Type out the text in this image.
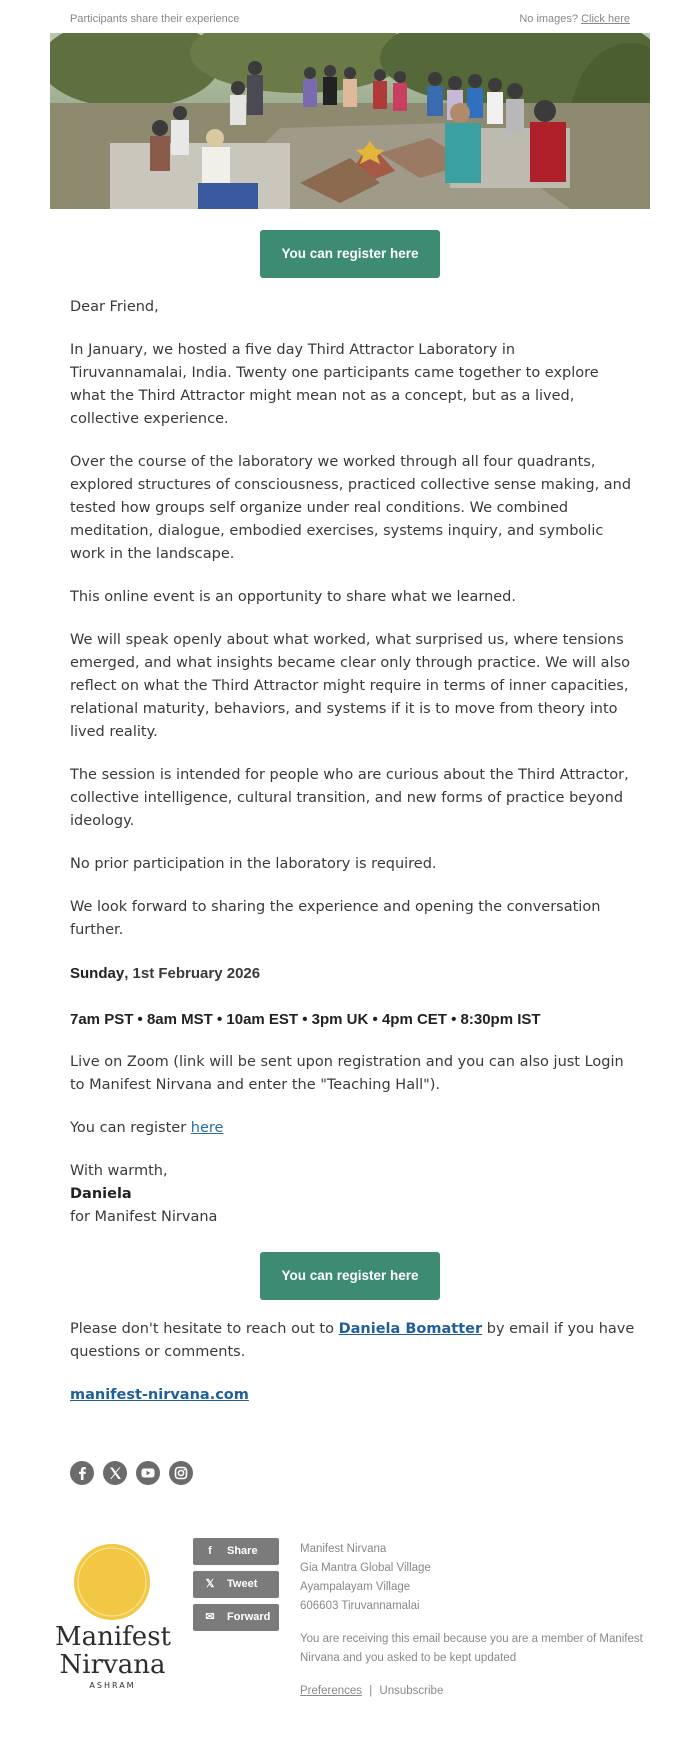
Participants share their experience	No images? Click here
You can register here

Dear Friend,

In January, we hosted a five day Third Attractor Laboratory in Tiruvannamalai, India. Twenty one participants came together to explore what the Third Attractor might mean not as a concept, but as a lived, collective experience.

Over the course of the laboratory we worked through all four quadrants, explored structures of consciousness, practiced collective sense making, and tested how groups self organize under real conditions. We combined meditation, dialogue, embodied exercises, systems inquiry, and symbolic work in the landscape.

This online event is an opportunity to share what we learned.

We will speak openly about what worked, what surprised us, where tensions emerged, and what insights became clear only through practice. We will also reflect on what the Third Attractor might require in terms of inner capacities, relational maturity, behaviors, and systems if it is to move from theory into lived reality.

The session is intended for people who are curious about the Third Attractor, collective intelligence, cultural transition, and new forms of practice beyond ideology.

No prior participation in the laboratory is required.

We look forward to sharing the experience and opening the conversation further.

Sunday, 1st February 2026

7am PST • 8am MST • 10am EST • 3pm UK • 4pm CET • 8:30pm IST

Live on Zoom (link will be sent upon registration and you can also just Login to Manifest Nirvana and enter the "Teaching Hall").

You can register here

With warmth,
Daniela
for Manifest Nirvana

You can register here

Please don't hesitate to reach out to Daniela Bomatter by email if you have questions or comments.

manifest-nirvana.com

Manifest
Nirvana
ASHRAM
f Share
𝕏 Tweet
✉ Forward
Manifest Nirvana
Gia Mantra Global Village
Ayampalayam Village
606603 Tiruvannamalai
You are receiving this email because you are a member of Manifest Nirvana and you asked to be kept updated
Preferences | Unsubscribe
